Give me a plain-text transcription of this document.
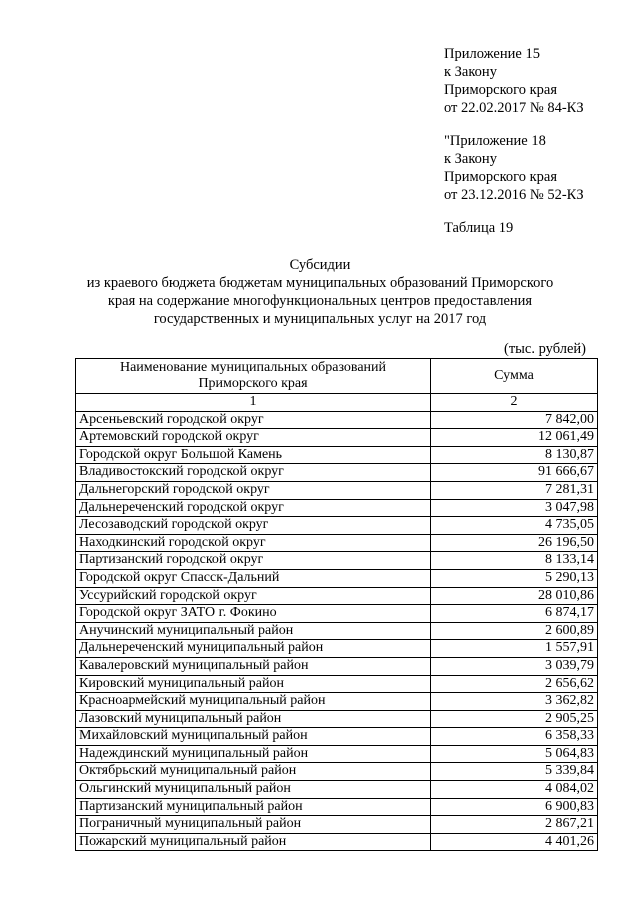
Приложение 15
к Закону
Приморского края
от 22.02.2017 № 84-КЗ
"Приложение 18
к Закону
Приморского края
от 23.12.2016 № 52-КЗ
Таблица 19
Субсидии
из краевого бюджета бюджетам муниципальных образований Приморского
края на содержание многофункциональных центров предоставления
государственных и муниципальных услуг на 2017 год
(тыс. рублей)
Наименование муниципальных образований Приморского края	Сумма
1	2
Арсеньевский городской округ	7 842,00
Артемовский городской округ	12 061,49
Городской округ Большой Камень	8 130,87
Владивостокский городской округ	91 666,67
Дальнегорский городской округ	7 281,31
Дальнереченский городской округ	3 047,98
Лесозаводский городской округ	4 735,05
Находкинский городской округ	26 196,50
Партизанский городской округ	8 133,14
Городской округ Спасск-Дальний	5 290,13
Уссурийский городской округ	28 010,86
Городской округ ЗАТО г. Фокино	6 874,17
Анучинский муниципальный район	2 600,89
Дальнереченский муниципальный район	1 557,91
Кавалеровский муниципальный район	3 039,79
Кировский муниципальный район	2 656,62
Красноармейский муниципальный район	3 362,82
Лазовский муниципальный район	2 905,25
Михайловский муниципальный район	6 358,33
Надеждинский муниципальный район	5 064,83
Октябрьский муниципальный район	5 339,84
Ольгинский муниципальный район	4 084,02
Партизанский муниципальный район	6 900,83
Пограничный муниципальный район	2 867,21
Пожарский муниципальный район	4 401,26
